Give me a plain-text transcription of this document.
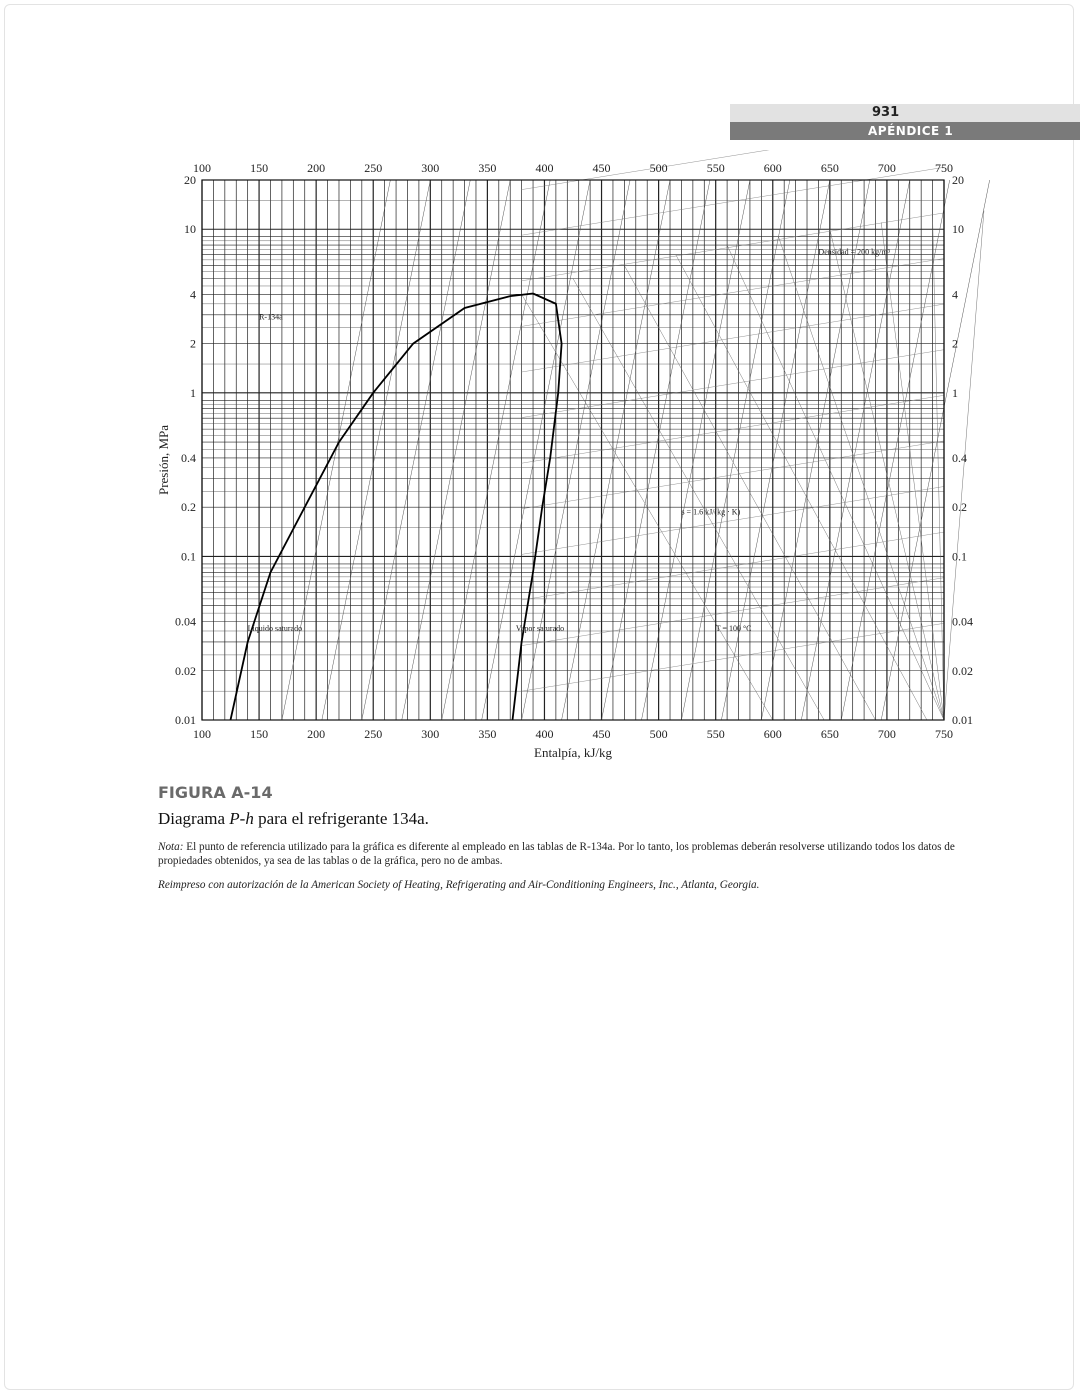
931
APÉNDICE 1
100
100
150
150
200
200
250
250
300
300
350
350
400
400
450
450
500
500
550
550
600
600
650
650
700
700
750
750
20	20
10	10
4	4
2	2
1	1
0.4	0.4
0.2	0.2
0.1	0.1
0.04	0.04
0.02	0.02
0.01	0.01
R-134a
Líquido saturado	Vapor saturado
Densidad = 200 kg/m³
s = 1.6 kJ/(kg · K)
T = 100 °C
Entalpía, kJ/kg
Presión, MPa
FIGURA A-14
Diagrama P-h para el refrigerante 134a.
Nota: El punto de referencia utilizado para la gráfica es diferente al empleado en las tablas de R-134a. Por lo tanto, los problemas deberán resolverse utilizando todos los datos de propiedades obtenidos, ya sea de las tablas o de la gráfica, pero no de ambas.
Reimpreso con autorización de la American Society of Heating, Refrigerating and Air-Conditioning Engineers, Inc., Atlanta, Georgia.
